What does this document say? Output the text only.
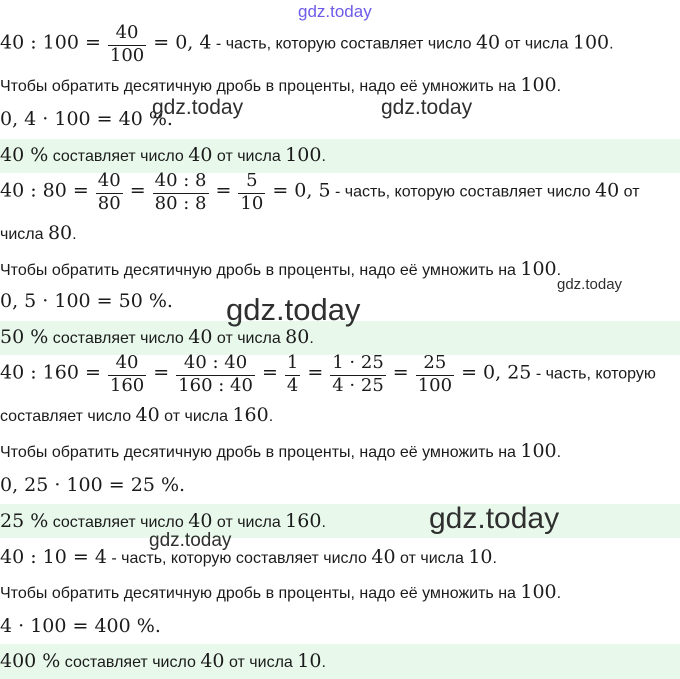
40 : $100 = \frac{40}{100} = 0$, 4 - часть, которую составляет число 40 от числа 100.
Чтобы обратить десятичную дробь в проценты, надо её умножить на 100.
0, 4 · 100 = 40 %.
40 % составляет число 40 от числа 100.
40 : $80 = \frac{40}{80} = \frac{40 : 8}{80 : 8} = \frac{5}{10} = 0$, 5 - часть, которую составляет число 40 от
числа 80.
Чтобы обратить десятичную дробь в проценты, надо её умножить на 100.
0, 5 · 100 = 50 %.
50 % составляет число 40 от числа 80.
40 : $160 = \frac{40}{160} = \frac{40 : 40}{160 : 40} = \frac{1}{4} = \frac{1 \cdot 25}{4 \cdot 25} = \frac{25}{100} = 0$, 25 - часть, которую
составляет число 40 от числа 160.
Чтобы обратить десятичную дробь в проценты, надо её умножить на 100.
0, 25 · 100 = 25 %.
25 % составляет число 40 от числа 160.
40 : 10 = 4 - часть, которую составляет число 40 от числа 10.
Чтобы обратить десятичную дробь в проценты, надо её умножить на 100.
4 · 100 = 400 %.
400 % составляет число 40 от числа 10.
gdz.today
gdz.today	gdz.today
gdz.today
gdz.today
gdz.today
gdz.today
